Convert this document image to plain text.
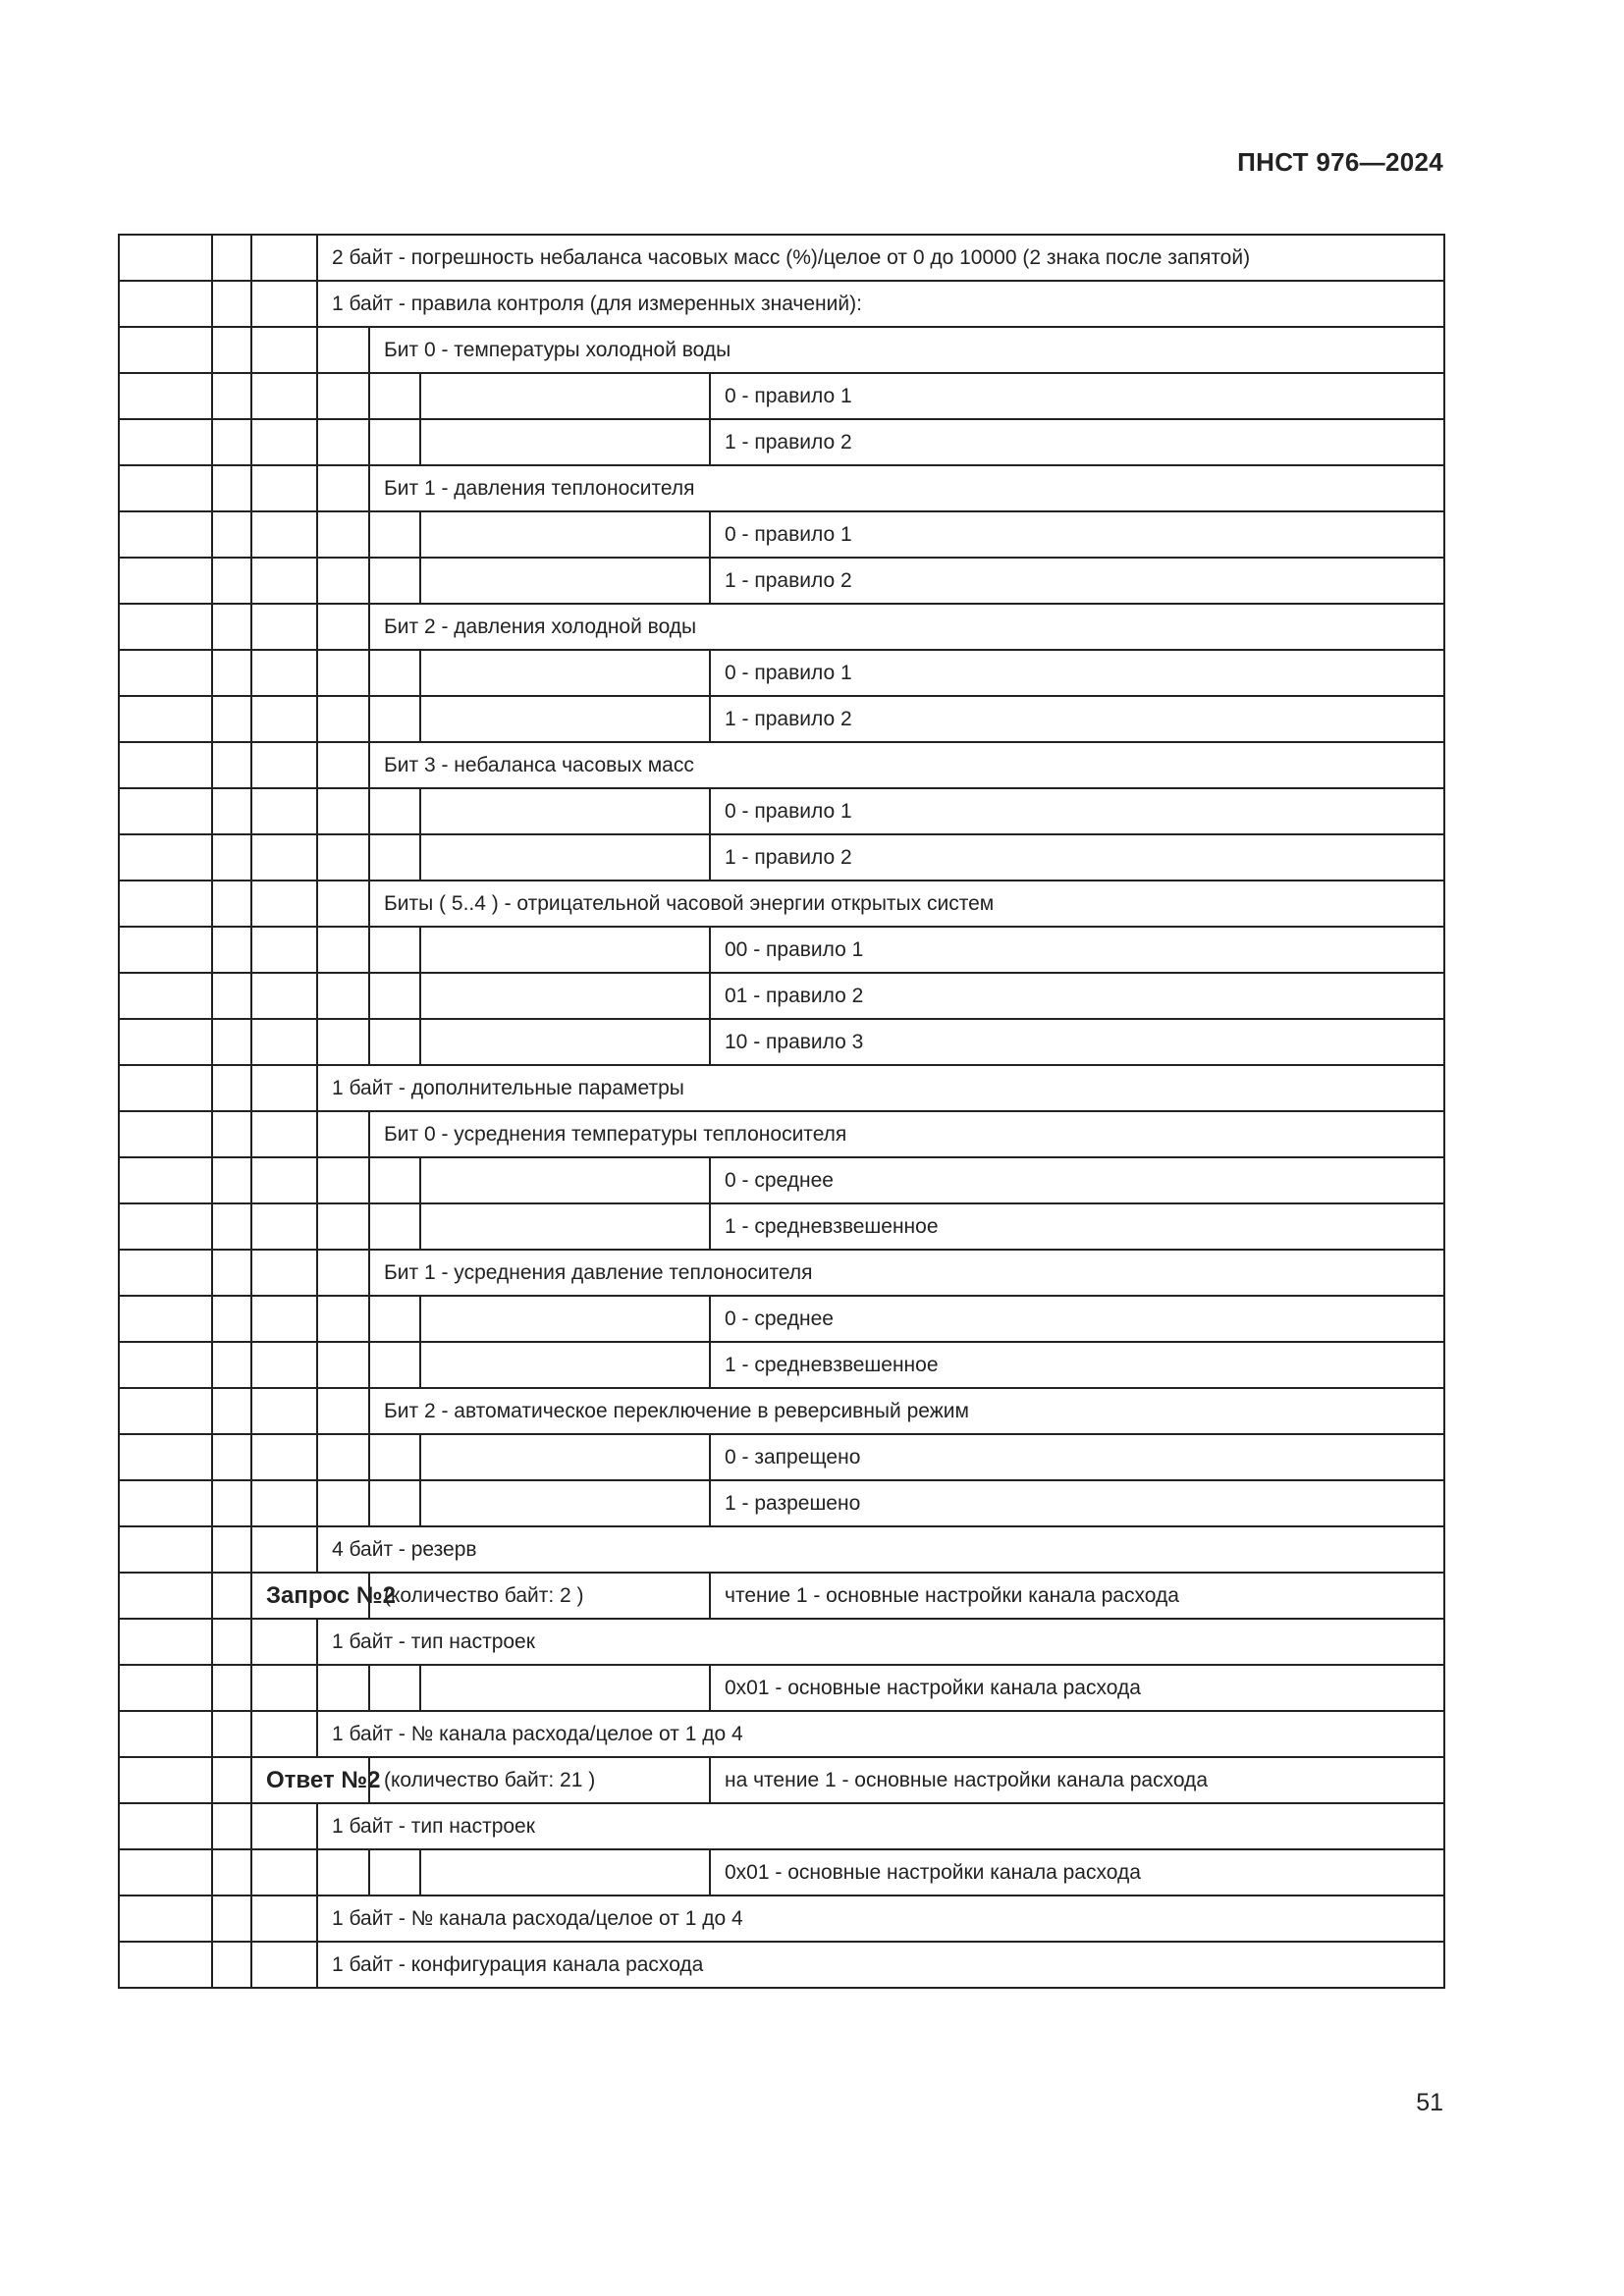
ПНСТ 976—2024
			2 байт - погрешность небаланса часовых масс (%)/целое от 0 до 10000 (2 знака после запятой)			
			1 байт - правила контроля (для измеренных значений):			
				Бит 0 - температуры холодной воды		
						0 - правило 1
						1 - правило 2
				Бит 1 - давления теплоносителя		
						0 - правило 1
						1 - правило 2
				Бит 2 - давления холодной воды		
						0 - правило 1
						1 - правило 2
				Бит 3 - небаланса часовых масс		
						0 - правило 1
						1 - правило 2
				Биты ( 5..4 ) - отрицательной часовой энергии открытых систем		
						00 - правило 1
						01 - правило 2
						10 - правило 3
			1 байт - дополнительные параметры			
				Бит 0 - усреднения температуры теплоносителя		
						0 - среднее
						1 - средневзвешенное
				Бит 1 - усреднения давление теплоносителя		
						0 - среднее
						1 - средневзвешенное
				Бит 2 - автоматическое переключение в реверсивный режим		
						0 - запрещено
						1 - разрешено
			4 байт - резерв			
		Запрос №2		(количество байт: 2 )		чтение 1 - основные настройки канала расхода
			1 байт - тип настроек			
						0x01 - основные настройки канала расхода
			1 байт - № канала расхода/целое от 1 до 4			
		Ответ №2		(количество байт: 21 )		на чтение 1 - основные настройки канала расхода
			1 байт - тип настроек			
						0x01 - основные настройки канала расхода
			1 байт - № канала расхода/целое от 1 до 4			
			1 байт - конфигурация канала расхода			
51
